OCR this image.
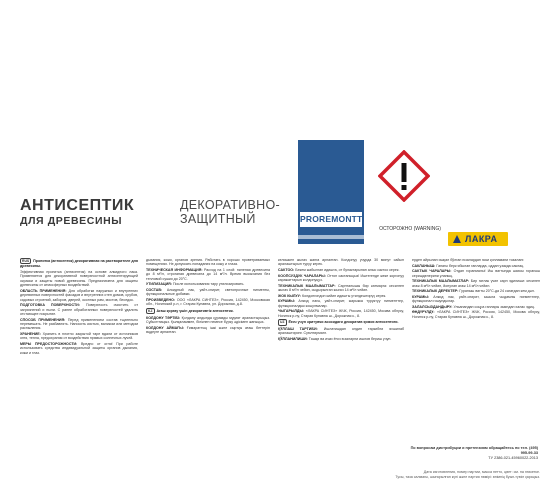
АНТИСЕПТИК
ДЛЯ ДРЕВЕСИНЫ
ДЕКОРАТИВНО-
ЗАЩИТНЫЙ	PROREMONTT
ОСТОРОЖНО (WARNING)
ЛАКРА

RUS Пропитка (антисептик) декоративная на растворителе для древесины.

Эффективная пропитка (антисептик) на основе алкидного лака. Применяется для декоративной поверхностной антисептирующей окраски и защиты новой древесины. Предназначена для защиты древесины от атмосферных воздействий.

ОБЛАСТЬ ПРИМЕНЕНИЯ: Для обработки наружных и внутренних деревянных поверхностей фасадов и внутренних стен домов, срубов, садовых строений, заборов, дверей, оконных рам, мостов, беседок.

ПОДГОТОВКА ПОВЕРХНОСТИ: Поверхность очистить от загрязнений и пыли. С ранее обработанных поверхностей удалить отстающее покрытие.

СПОСОБ ПРИМЕНЕНИЯ: Перед применением состав тщательно перемешать. Не разбавлять. Наносить кистью, валиком или методом распыления.

ХРАНЕНИЕ: Хранить в плотно закрытой таре вдали от источников огня, тепла, предохраняя от воздействия прямых солнечных лучей.

МЕРЫ ПРЕДОСТОРОЖНОСТИ: Вредно от огня! При работе использовать средства индивидуальной защиты органов дыхания, кожи и глаз.

дыхания, кожи, органов зрения. Работать в хорошо проветриваемых помещениях. Не допускать попадания на кожу и глаза.

ТЕХНИЧЕСКАЯ ИНФОРМАЦИЯ: Расход на 1 слой: пиленая древесина до 8 м²/л, строганая древесина до 14 м²/л. Время высыхания без тепловой сушки до 20°С.

УТИЛИЗАЦИЯ: После использования тару утилизировать.

СОСТАВ: Алкидный лак, уайт-спирит, светопрочные пигменты, функциональные добавки.

ПРОИЗВЕДЕНО: ООО «ЛАКРА СИНТЕЗ», Россия, 142450, Московская обл., Ногинский р-н, г. Старая Купавна, ул. Дорожная, д.8.

KZ Ағаш қорғау үшін декоративтік антисептик.

КОЛДОНУ ТӘРТІБІ: Қолдану алдында құрамды мұқият араластырыңыз. Сұйылтпаңыз. Қылқаламмен, білікпен немесе бүрку әдісімен жағыңыз.

КОЛДОНУ АЙМАҒЫ: Ғимараттың ішкі және сыртқы ағаш беттерін өңдеуге арналған.

келишкен жыгач жанга арналған. Колдонуу учурда 30 минут сайын аралаштырып туруу керек.

САКТОО: Бекем жабылган идишта, от булактарынан алыс сактоо керек.

КООПСУЗДУК ЧАРАЛАРЫ: Оттон сактаныңыз! Иштегенде жеке коргонуу каражаттарын колдонуңуз.

ТЕХНИКАЛЫК МААЛЫМАТТАР: Сарпталышы бир катмарга: кесилген жыгач 8 м²/л чейин, сыдырылган жыгач 14 м²/л чейин.

ЖОК КЫЛУУ: Колдонгондон кийин идишты утилдештирүү керек.

КУРАМЫ: Алкид лагы, уайт-спирит, жарыкка туруктуу пигменттер, функционалдык кошулмалар.

ЧЫГАРЫЛДЫ: «ЛАКРА СИНТЕЗ» ЖЧК, Россия, 142450, Москва облусу, Ногинск р-ну, Старая Купавна ш., Дорожная к., 8.

UZ Ёғоч учун эритувчи асосидаги декоратив ҳимоя антисептиги.

ҚЎЛЛАШ ТАРТИБИ: Ишлатишдан олдин таркибни яхшилаб аралаштиринг. Суюлтирманг.

ҚЎЛЛАНИЛИШИ: Ташқи ва ички ёғоч юзаларни ишлов бериш учун.

ерден айрылан ишқал бўлган юзалардан эски қопламани тозаланг.

САКЛАНЫШ: Гапагы берк ябылан гапларда, оддан узакда саклаң.

САКТЫК ЧАРАЛАРЫ: Отдан горанмалы! Иш вагтында шахсы горагыш серишделерини уланың.

ТЕХНИКАЛЫК МААЛЫМАТЛАР: Бир гатлак үчин сарп эдилиши: кесилен агаж 8 м²/л чейин, йонулан агаж 14 м²/л чейин.

ТЕХНИКАЛЫК ДЕРЕКТЕР: Гураныш вагты 20°С-да 24 сагатдан кем дәл.

КУРАМЫ: Алкид лак, уайт-спирит, ышыга чыдамлы пигментлер, функционал гошундылар.

ЗАЛАЛСЫЗДАНДЫРУ: Ульанандан соңра гаплары зыяндан халас эдиң.

ӨНДҮРҮЛДҮ: «ЛАКРА СИНТЕЗ» ЖЧК, Россия, 142450, Москва облусу, Ногинск р-ну, Старая Купавна ш., Дорожная к., 8.

По вопросам дистрибуции и претензиям обращайтесь по тел. (495) 995-99-33
ТУ 2386-021-45960022-2013
Дата изготовления, номер партии, масса нетто, цвет: см. на этикетке.
Тусы, таза салмагы, шығарылған күні және партия нөмірі: өнімнің буып-түюін қараңыз.
